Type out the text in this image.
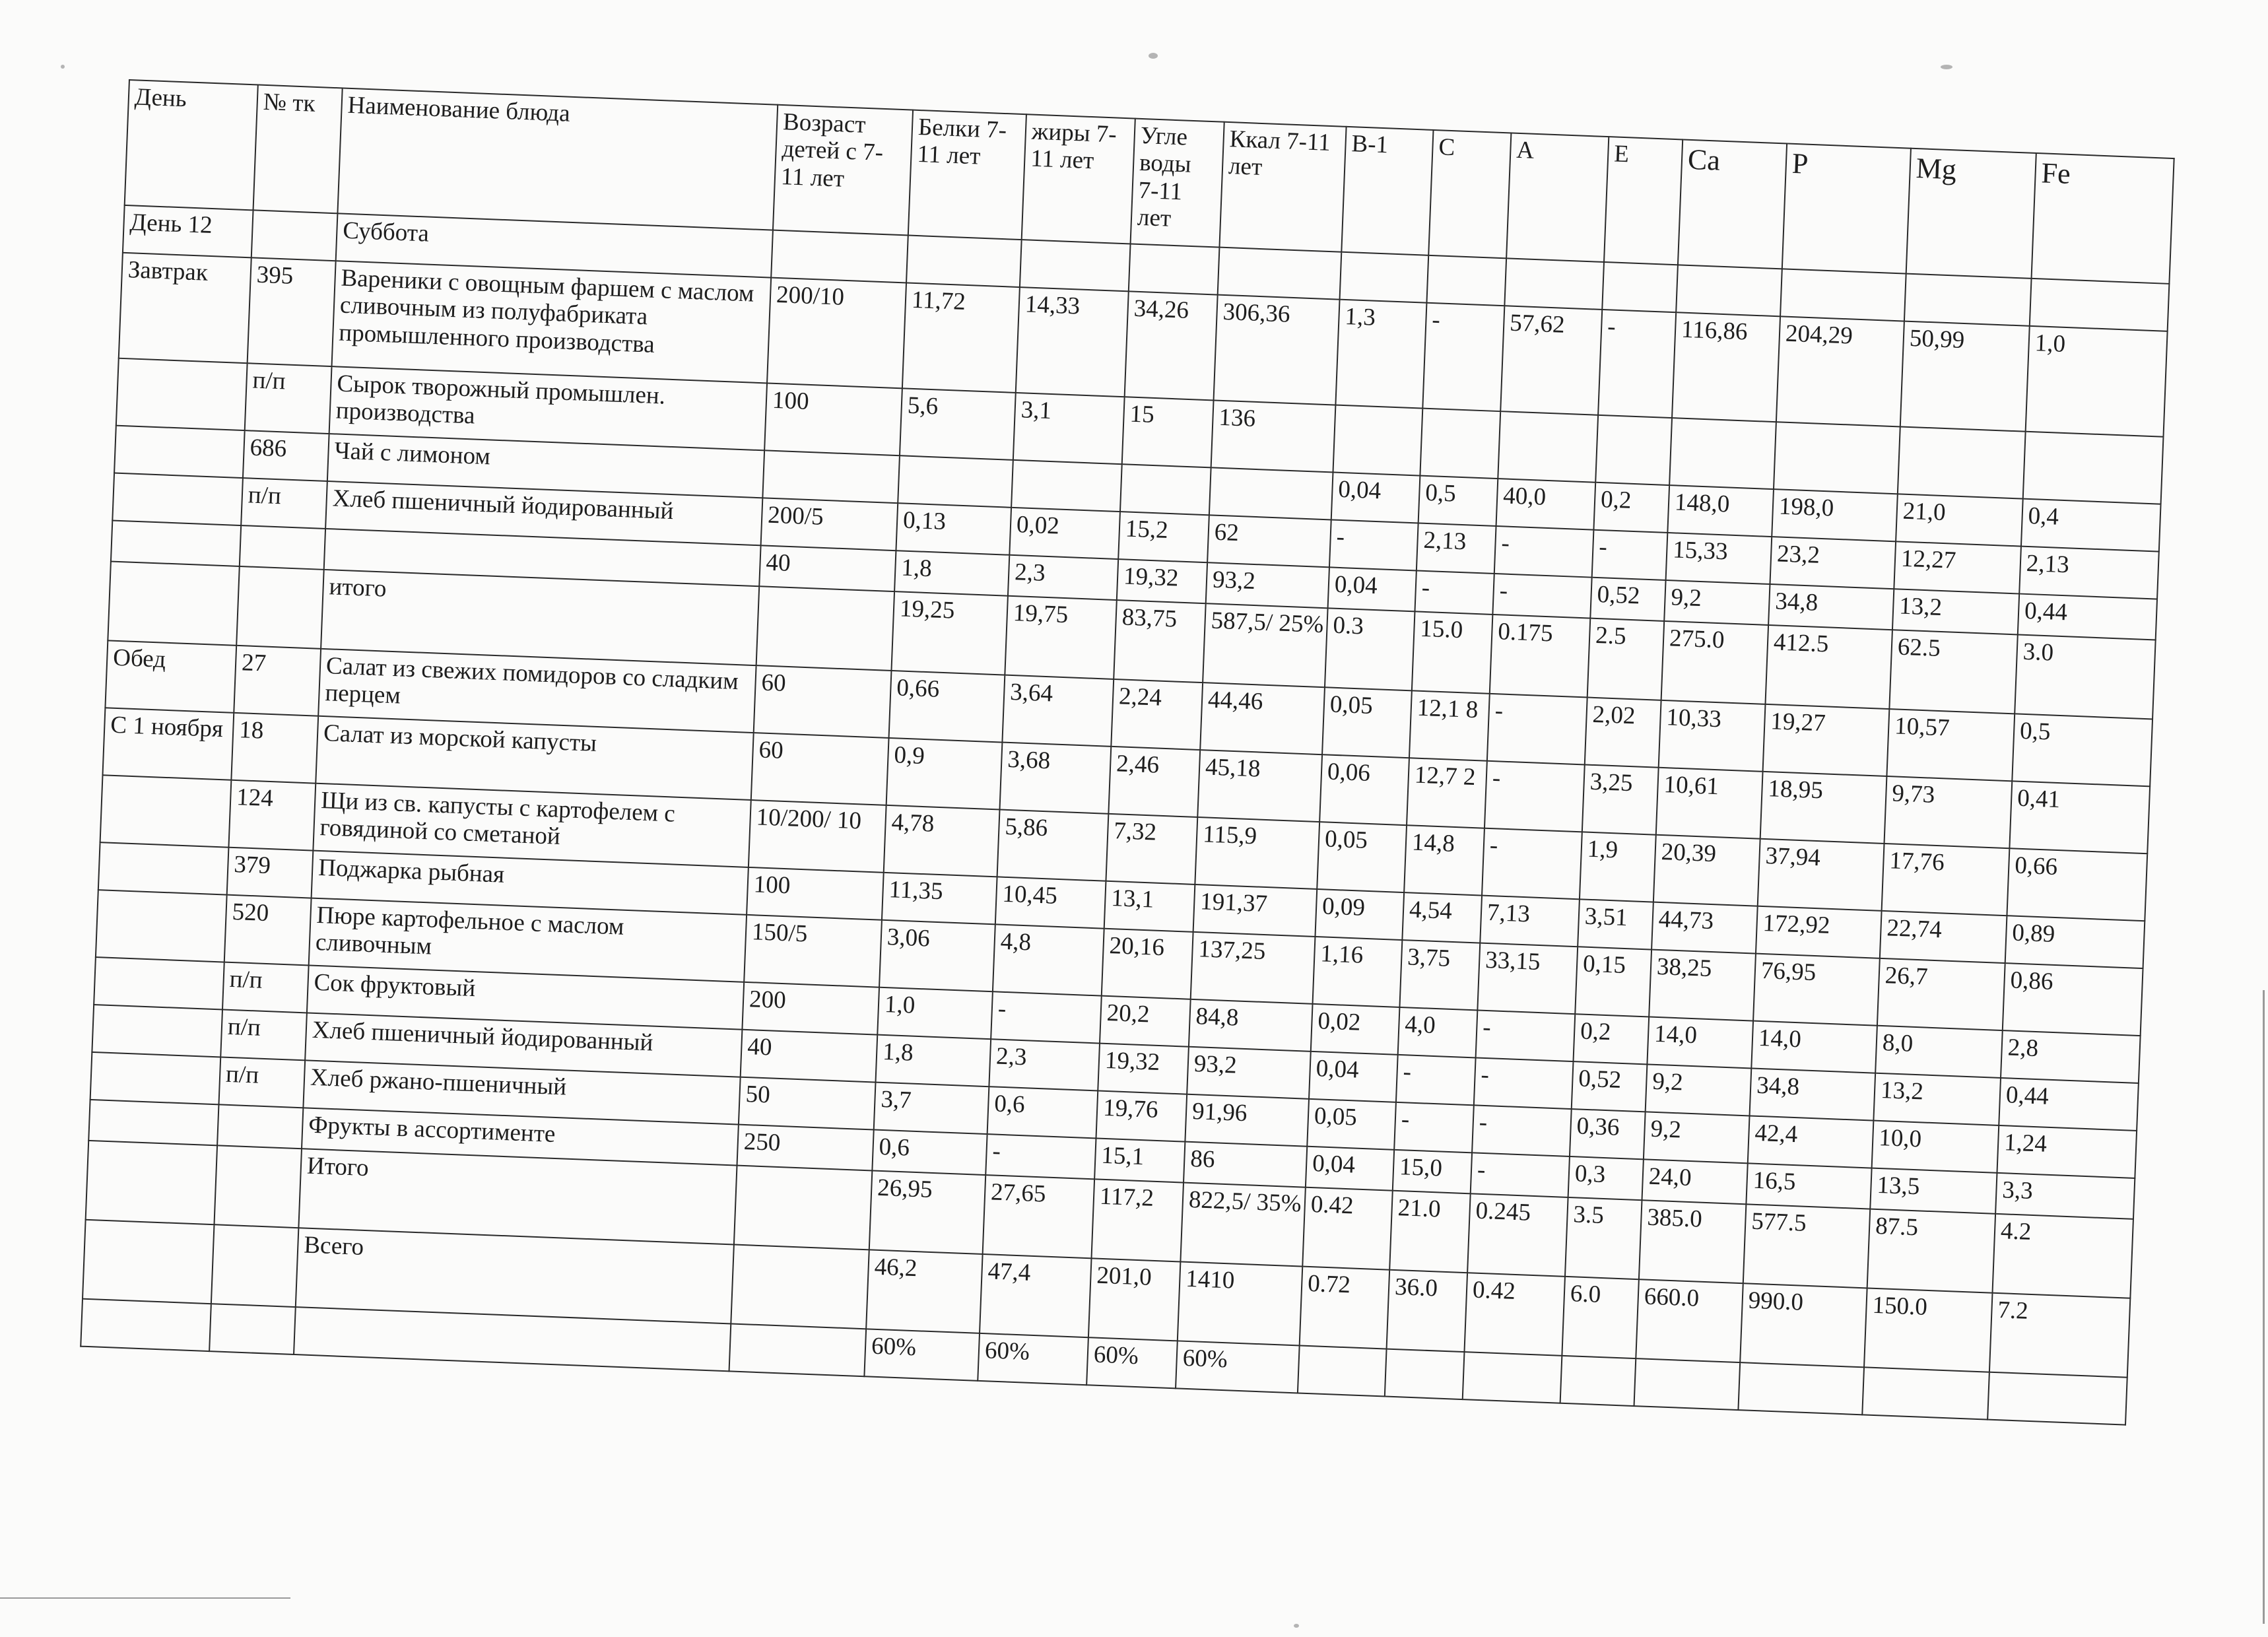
День	№ тк	Наименование блюда	Возраст детей с 7-11 лет	Белки 7-11 лет	жиры 7-11 лет	Угле воды 7-11 лет	Ккал 7-11 лет	В-1	С	А	Е	Са	Р	Mg	Fe
День 12		Суббота													
Завтрак	395	Вареники с овощным фаршем с маслом сливочным из полуфабриката промышленного производства	200/10	11,72	14,33	34,26	306,36	1,3	-	57,62	-	116,86	204,29	50,99	1,0
	п/п	Сырок творожный промышлен. производства	100	5,6	3,1	15	136								
	686	Чай с лимоном						0,04	0,5	40,0	0,2	148,0	198,0	21,0	0,4
	п/п	Хлеб пшеничный йодированный	200/5	0,13	0,02	15,2	62	-	2,13	-	-	15,33	23,2	12,27	2,13
			40	1,8	2,3	19,32	93,2	0,04	-	-	0,52	9,2	34,8	13,2	0,44
		итого		19,25	19,75	83,75	587,5/ 25%	0.3	15.0	0.175	2.5	275.0	412.5	62.5	3.0
Обед	27	Салат из свежих помидоров со сладким перцем	60	0,66	3,64	2,24	44,46	0,05	12,1 8	-	2,02	10,33	19,27	10,57	0,5
С 1 ноября	18	Салат из морской капусты	60	0,9	3,68	2,46	45,18	0,06	12,7 2	-	3,25	10,61	18,95	9,73	0,41
	124	Щи из св. капусты с картофелем с говядиной со сметаной	10/200/ 10	4,78	5,86	7,32	115,9	0,05	14,8	-	1,9	20,39	37,94	17,76	0,66
	379	Поджарка рыбная	100	11,35	10,45	13,1	191,37	0,09	4,54	7,13	3,51	44,73	172,92	22,74	0,89
	520	Пюре картофельное с маслом сливочным	150/5	3,06	4,8	20,16	137,25	1,16	3,75	33,15	0,15	38,25	76,95	26,7	0,86
	п/п	Сок фруктовый	200	1,0	-	20,2	84,8	0,02	4,0	-	0,2	14,0	14,0	8,0	2,8
	п/п	Хлеб пшеничный йодированный	40	1,8	2,3	19,32	93,2	0,04	-	-	0,52	9,2	34,8	13,2	0,44
	п/п	Хлеб ржано-пшеничный	50	3,7	0,6	19,76	91,96	0,05	-	-	0,36	9,2	42,4	10,0	1,24
		Фрукты в ассортименте	250	0,6	-	15,1	86	0,04	15,0	-	0,3	24,0	16,5	13,5	3,3
		Итого		26,95	27,65	117,2	822,5/ 35%	0.42	21.0	0.245	3.5	385.0	577.5	87.5	4.2
		Всего		46,2	47,4	201,0	1410	0.72	36.0	0.42	6.0	660.0	990.0	150.0	7.2
				60%	60%	60%	60%								
